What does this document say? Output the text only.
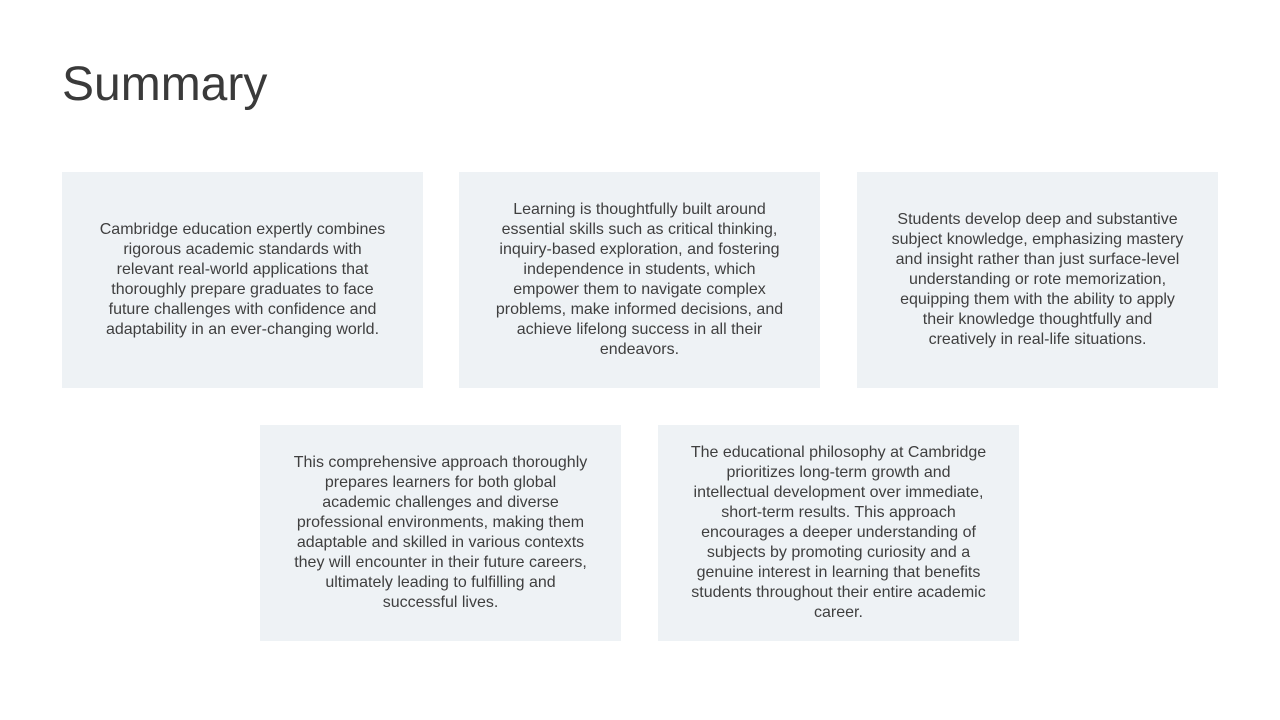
Summary

Cambridge education expertly combines rigorous academic standards with relevant real-world applications that thoroughly prepare graduates to face future challenges with confidence and adaptability in an ever-changing world.

Learning is thoughtfully built around essential skills such as critical thinking, inquiry-based exploration, and fostering independence in students, which empower them to navigate complex problems, make informed decisions, and achieve lifelong success in all their endeavors.

Students develop deep and substantive subject knowledge, emphasizing mastery and insight rather than just surface-level understanding or rote memorization, equipping them with the ability to apply their knowledge thoughtfully and creatively in real-life situations.

This comprehensive approach thoroughly prepares learners for both global academic challenges and diverse professional environments, making them adaptable and skilled in various contexts they will encounter in their future careers, ultimately leading to fulfilling and successful lives.

The educational philosophy at Cambridge prioritizes long-term growth and intellectual development over immediate, short-term results. This approach encourages a deeper understanding of subjects by promoting curiosity and a genuine interest in learning that benefits students throughout their entire academic career.
